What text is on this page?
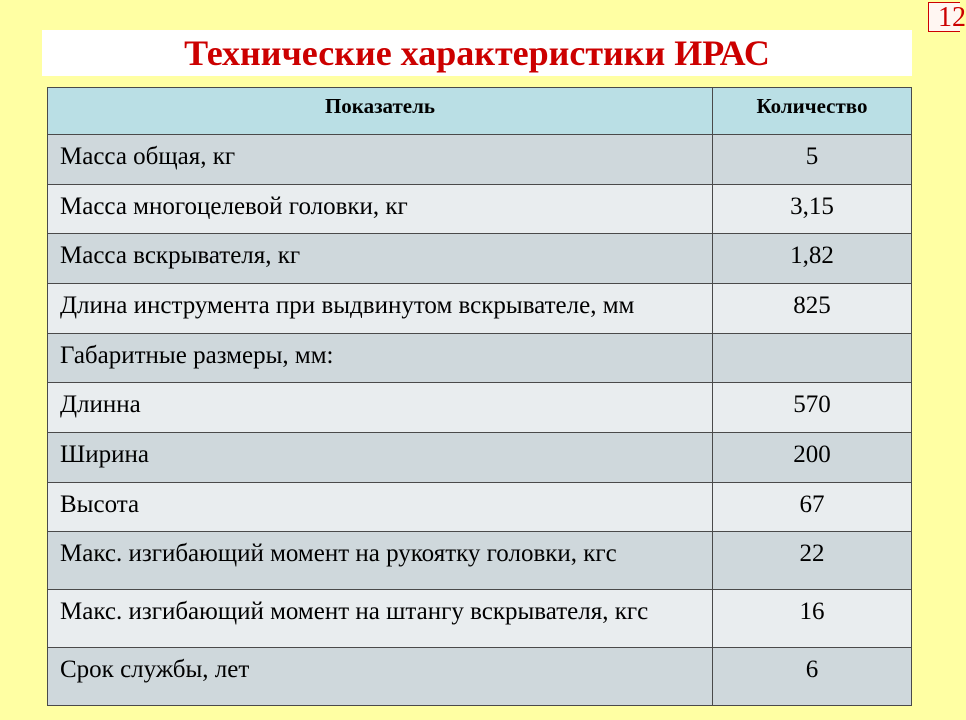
12
Технические характеристики ИРАС
Показатель	Количество
Масса общая, кг	5
Масса многоцелевой головки, кг	3,15
Масса вскрывателя, кг	1,82
Длина инструмента при выдвинутом вскрывателе, мм	825
Габаритные размеры, мм:
Длинна	570
Ширина	200
Высота	67
Макс. изгибающий момент на рукоятку головки, кгс	22
Макс. изгибающий момент на штангу вскрывателя, кгс	16
Срок службы, лет	6
